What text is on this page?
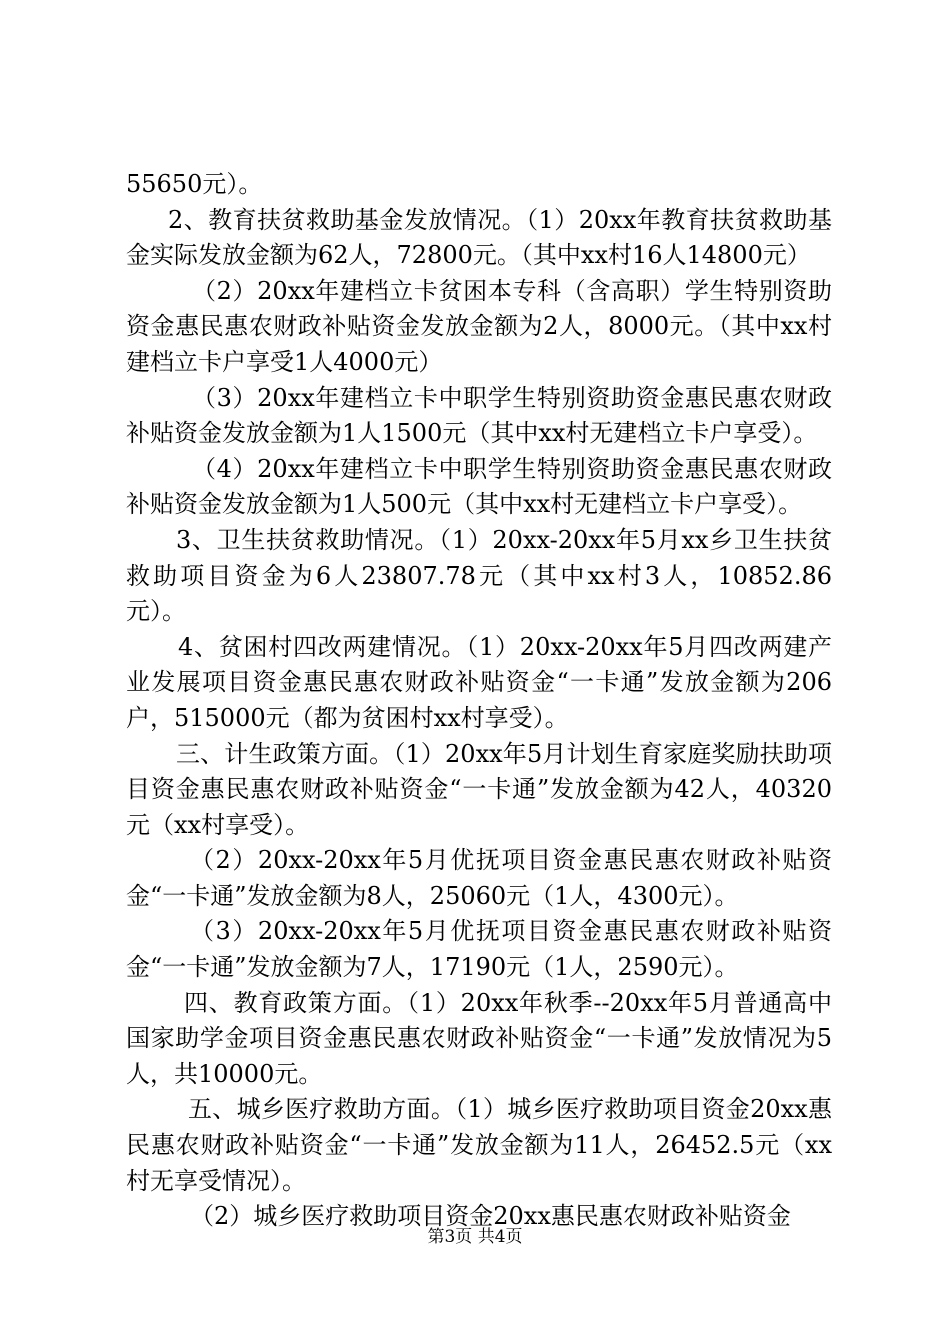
55650元）。

2、教育扶贫救助基金发放情况。（1）20xx年教育扶贫救助基金实际发放金额为62人，72800元。（其中xx村16人14800元）

（2）20xx年建档立卡贫困本专科（含高职）学生特别资助资金惠民惠农财政补贴资金发放金额为2人，8000元。（其中xx村建档立卡户享受1人4000元）

（3）20xx年建档立卡中职学生特别资助资金惠民惠农财政补贴资金发放金额为1人1500元（其中xx村无建档立卡户享受）。

（4）20xx年建档立卡中职学生特别资助资金惠民惠农财政补贴资金发放金额为1人500元（其中xx村无建档立卡户享受）。

3、卫生扶贫救助情况。（1）20xx-20xx年5月xx乡卫生扶贫救助项目资金为6人23807.78元（其中xx村3人，10852.86元）。

4、贫困村四改两建情况。（1）20xx-20xx年5月四改两建产业发展项目资金惠民惠农财政补贴资金“一卡通”发放金额为206户，515000元（都为贫困村xx村享受）。

三、计生政策方面。（1）20xx年5月计划生育家庭奖励扶助项目资金惠民惠农财政补贴资金“一卡通”发放金额为42人，40320元（xx村享受）。

（2）20xx-20xx年5月优抚项目资金惠民惠农财政补贴资金“一卡通”发放金额为8人，25060元（1人，4300元）。

（3）20xx-20xx年5月优抚项目资金惠民惠农财政补贴资金“一卡通”发放金额为7人，17190元（1人，2590元）。

四、教育政策方面。（1）20xx年秋季--20xx年5月普通高中国家助学金项目资金惠民惠农财政补贴资金“一卡通”发放情况为5人，共10000元。

五、城乡医疗救助方面。（1）城乡医疗救助项目资金20xx惠民惠农财政补贴资金“一卡通”发放金额为11人，26452.5元（xx村无享受情况）。

（2）城乡医疗救助项目资金20xx惠民惠农财政补贴资金

第3页 共4页
